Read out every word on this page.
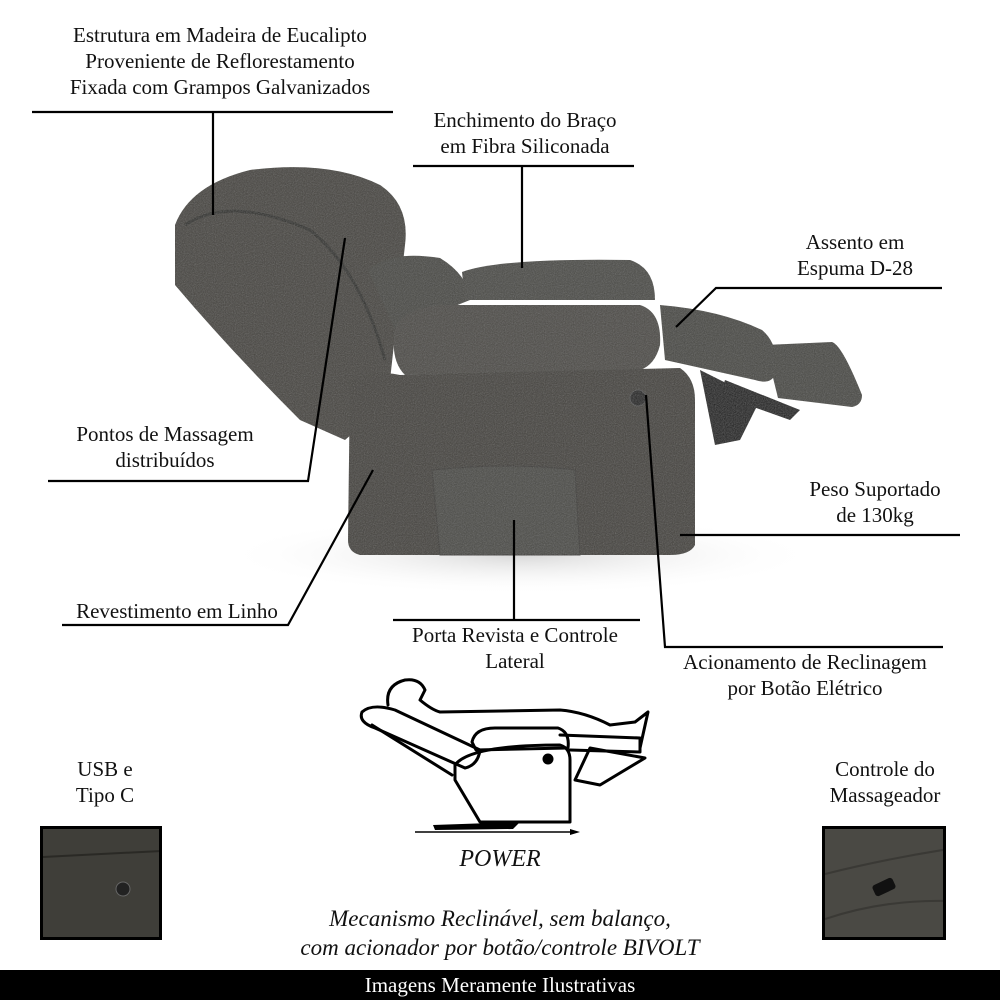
Estrutura em Madeira de Eucalipto
Proveniente de Reflorestamento
Fixada com Grampos Galvanizados
Enchimento do Braço
em Fibra Siliconada
Assento em
Espuma D-28
Pontos de Massagem
distribuídos
Peso Suportado
de 130kg
Revestimento em Linho
Porta Revista e Controle
Lateral	Acionamento de Reclinagem
por Botão Elétrico
USB e
Tipo C
Controle do
Massageador
POWER
Mecanismo Reclinável, sem balanço,
com acionador por botão/controle BIVOLT
Imagens Meramente Ilustrativas
